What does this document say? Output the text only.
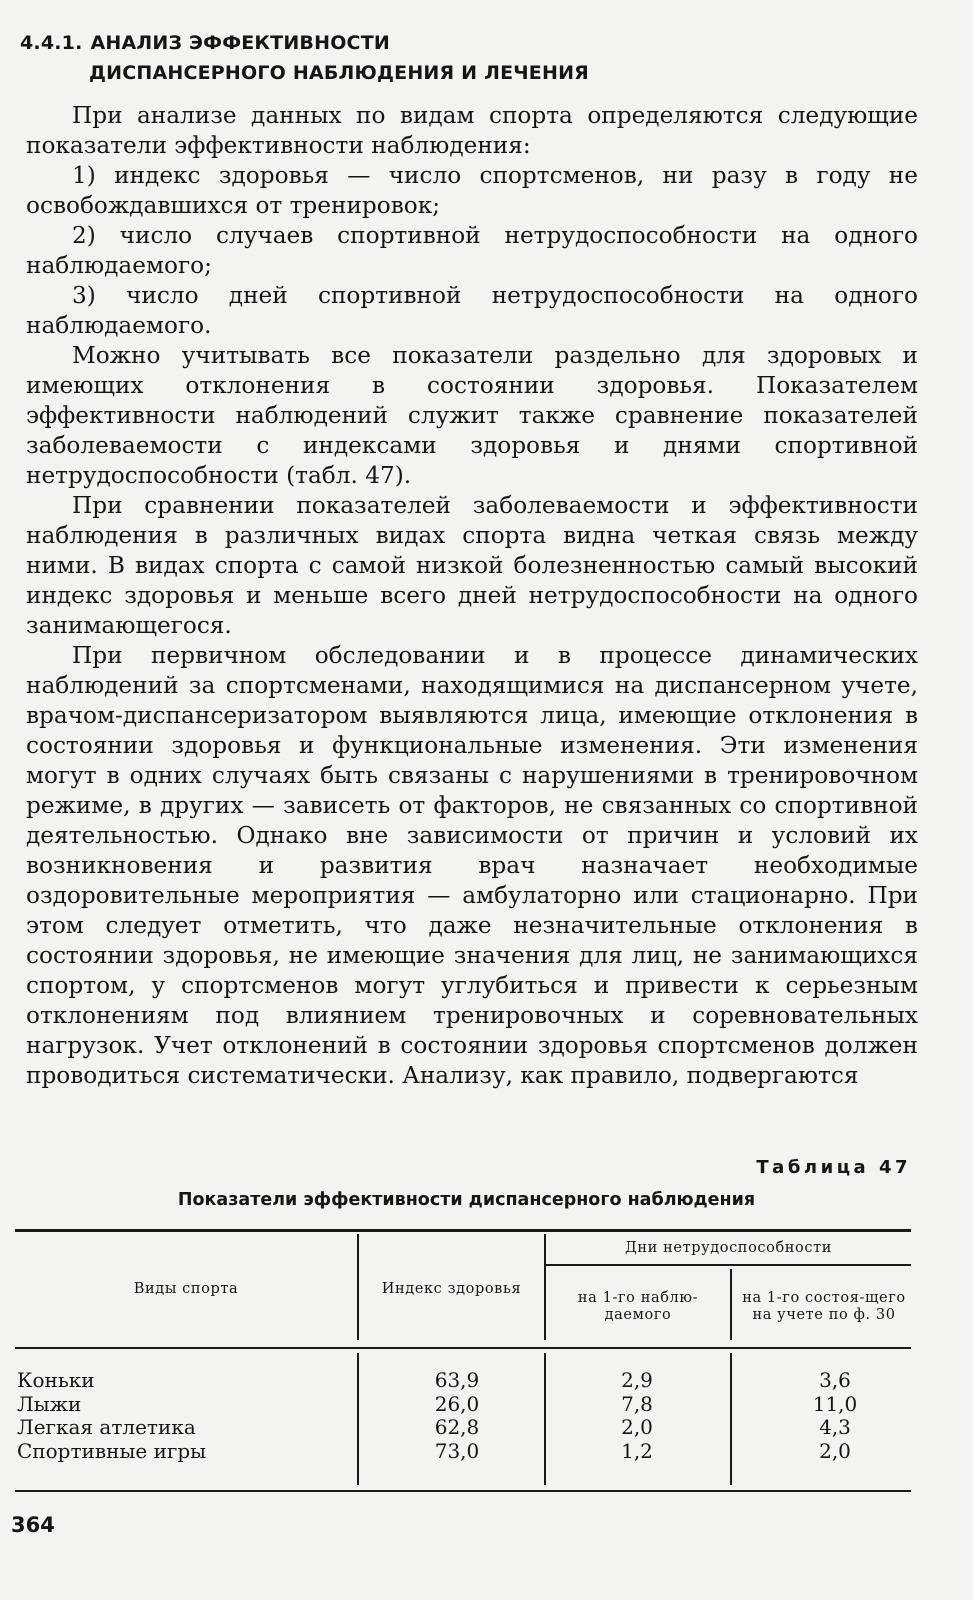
4.4.1. АНАЛИЗ ЭФФЕКТИВНОСТИ
ДИСПАНСЕРНОГО НАБЛЮДЕНИЯ И ЛЕЧЕНИЯ

При анализе данных по видам спорта определяются следующие показатели эффективности наблюдения:

1) индекс здоровья — число спортсменов, ни разу в году не освобождавшихся от тренировок;

2) число случаев спортивной нетрудоспособности на одного наблюдаемого;

3) число дней спортивной нетрудоспособности на одного наблюдаемого.

Можно учитывать все показатели раздельно для здоровых и имеющих отклонения в состоянии здоровья. Показателем эффективности наблюдений служит также сравнение показателей заболеваемости с индексами здоровья и днями спортивной нетрудоспособности (табл. 47).

При сравнении показателей заболеваемости и эффективности наблюдения в различных видах спорта видна четкая связь между ними. В видах спорта с самой низкой болезненностью самый высокий индекс здоровья и меньше всего дней нетрудоспособности на одного занимающегося.

При первичном обследовании и в процессе динамических наблюдений за спортсменами, находящимися на диспансерном учете, врачом-диспансеризатором выявляются лица, имеющие отклонения в состоянии здоровья и функциональные изменения. Эти изменения могут в одних случаях быть связаны с нарушениями в тренировочном режиме, в других — зависеть от факторов, не связанных со спортивной деятельностью. Однако вне зависимости от причин и условий их возникновения и развития врач назначает необходимые оздоровительные мероприятия — амбулаторно или стационарно. При этом следует отметить, что даже незначительные отклонения в состоянии здоровья, не имеющие значения для лиц, не занимающихся спортом, у спортсменов могут углубиться и привести к серьезным отклонениям под влиянием тренировочных и соревновательных нагрузок. Учет отклонений в состоянии здоровья спортсменов должен проводиться систематически. Анализу, как правило, подвергаются

Таблица 47
Показатели эффективности диспансерного наблюдения
Виды спорта	Индекс здоровья
Дни нетрудоспособности
на 1-го наблю-даемого
на 1-го состоя-щего на учете по ф. 30
Коньки
Лыжи
Легкая атлетика
Спортивные игры
63,9
26,0
62,8
73,0
2,9
7,8
2,0
1,2
3,6
11,0
4,3
2,0
364
